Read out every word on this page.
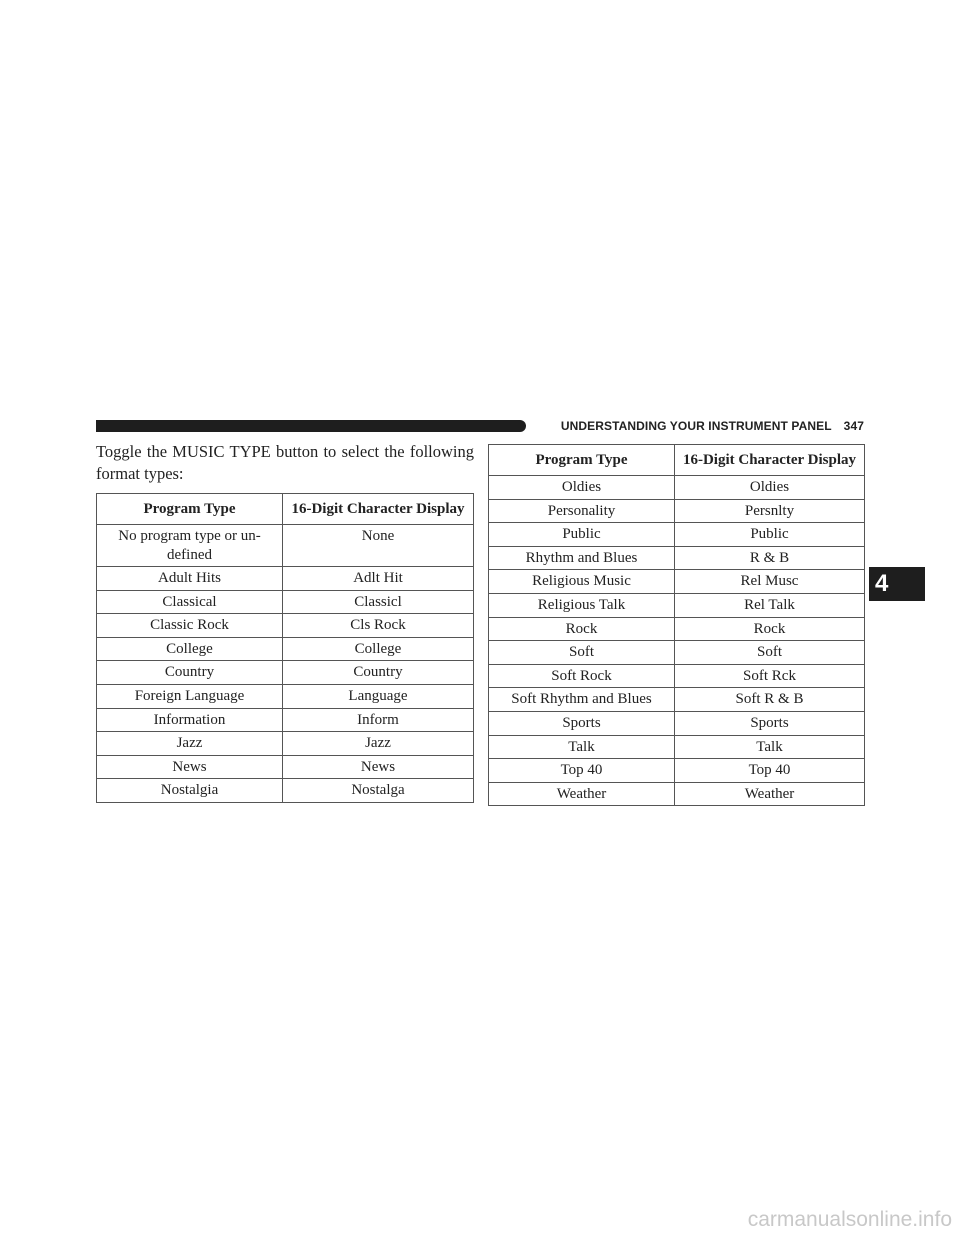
UNDERSTANDING YOUR INSTRUMENT PANEL 347

Toggle the MUSIC TYPE button to select the following format types:

Program Type	16-Digit Character Display
No program type or un-defined	None
Adult Hits	Adlt Hit
Classical	Classicl
Classic Rock	Cls Rock
College	College
Country	Country
Foreign Language	Language
Information	Inform
Jazz	Jazz
News	News
Nostalgia	Nostalga
Program Type	16-Digit Character Display
Oldies	Oldies
Personality	Persnlty
Public	Public
Rhythm and Blues	R & B
Religious Music	Rel Musc
Religious Talk	Rel Talk
Rock	Rock
Soft	Soft
Soft Rock	Soft Rck
Soft Rhythm and Blues	Soft R & B
Sports	Sports
Talk	Talk
Top 40	Top 40
Weather	Weather
4
carmanualsonline.info
